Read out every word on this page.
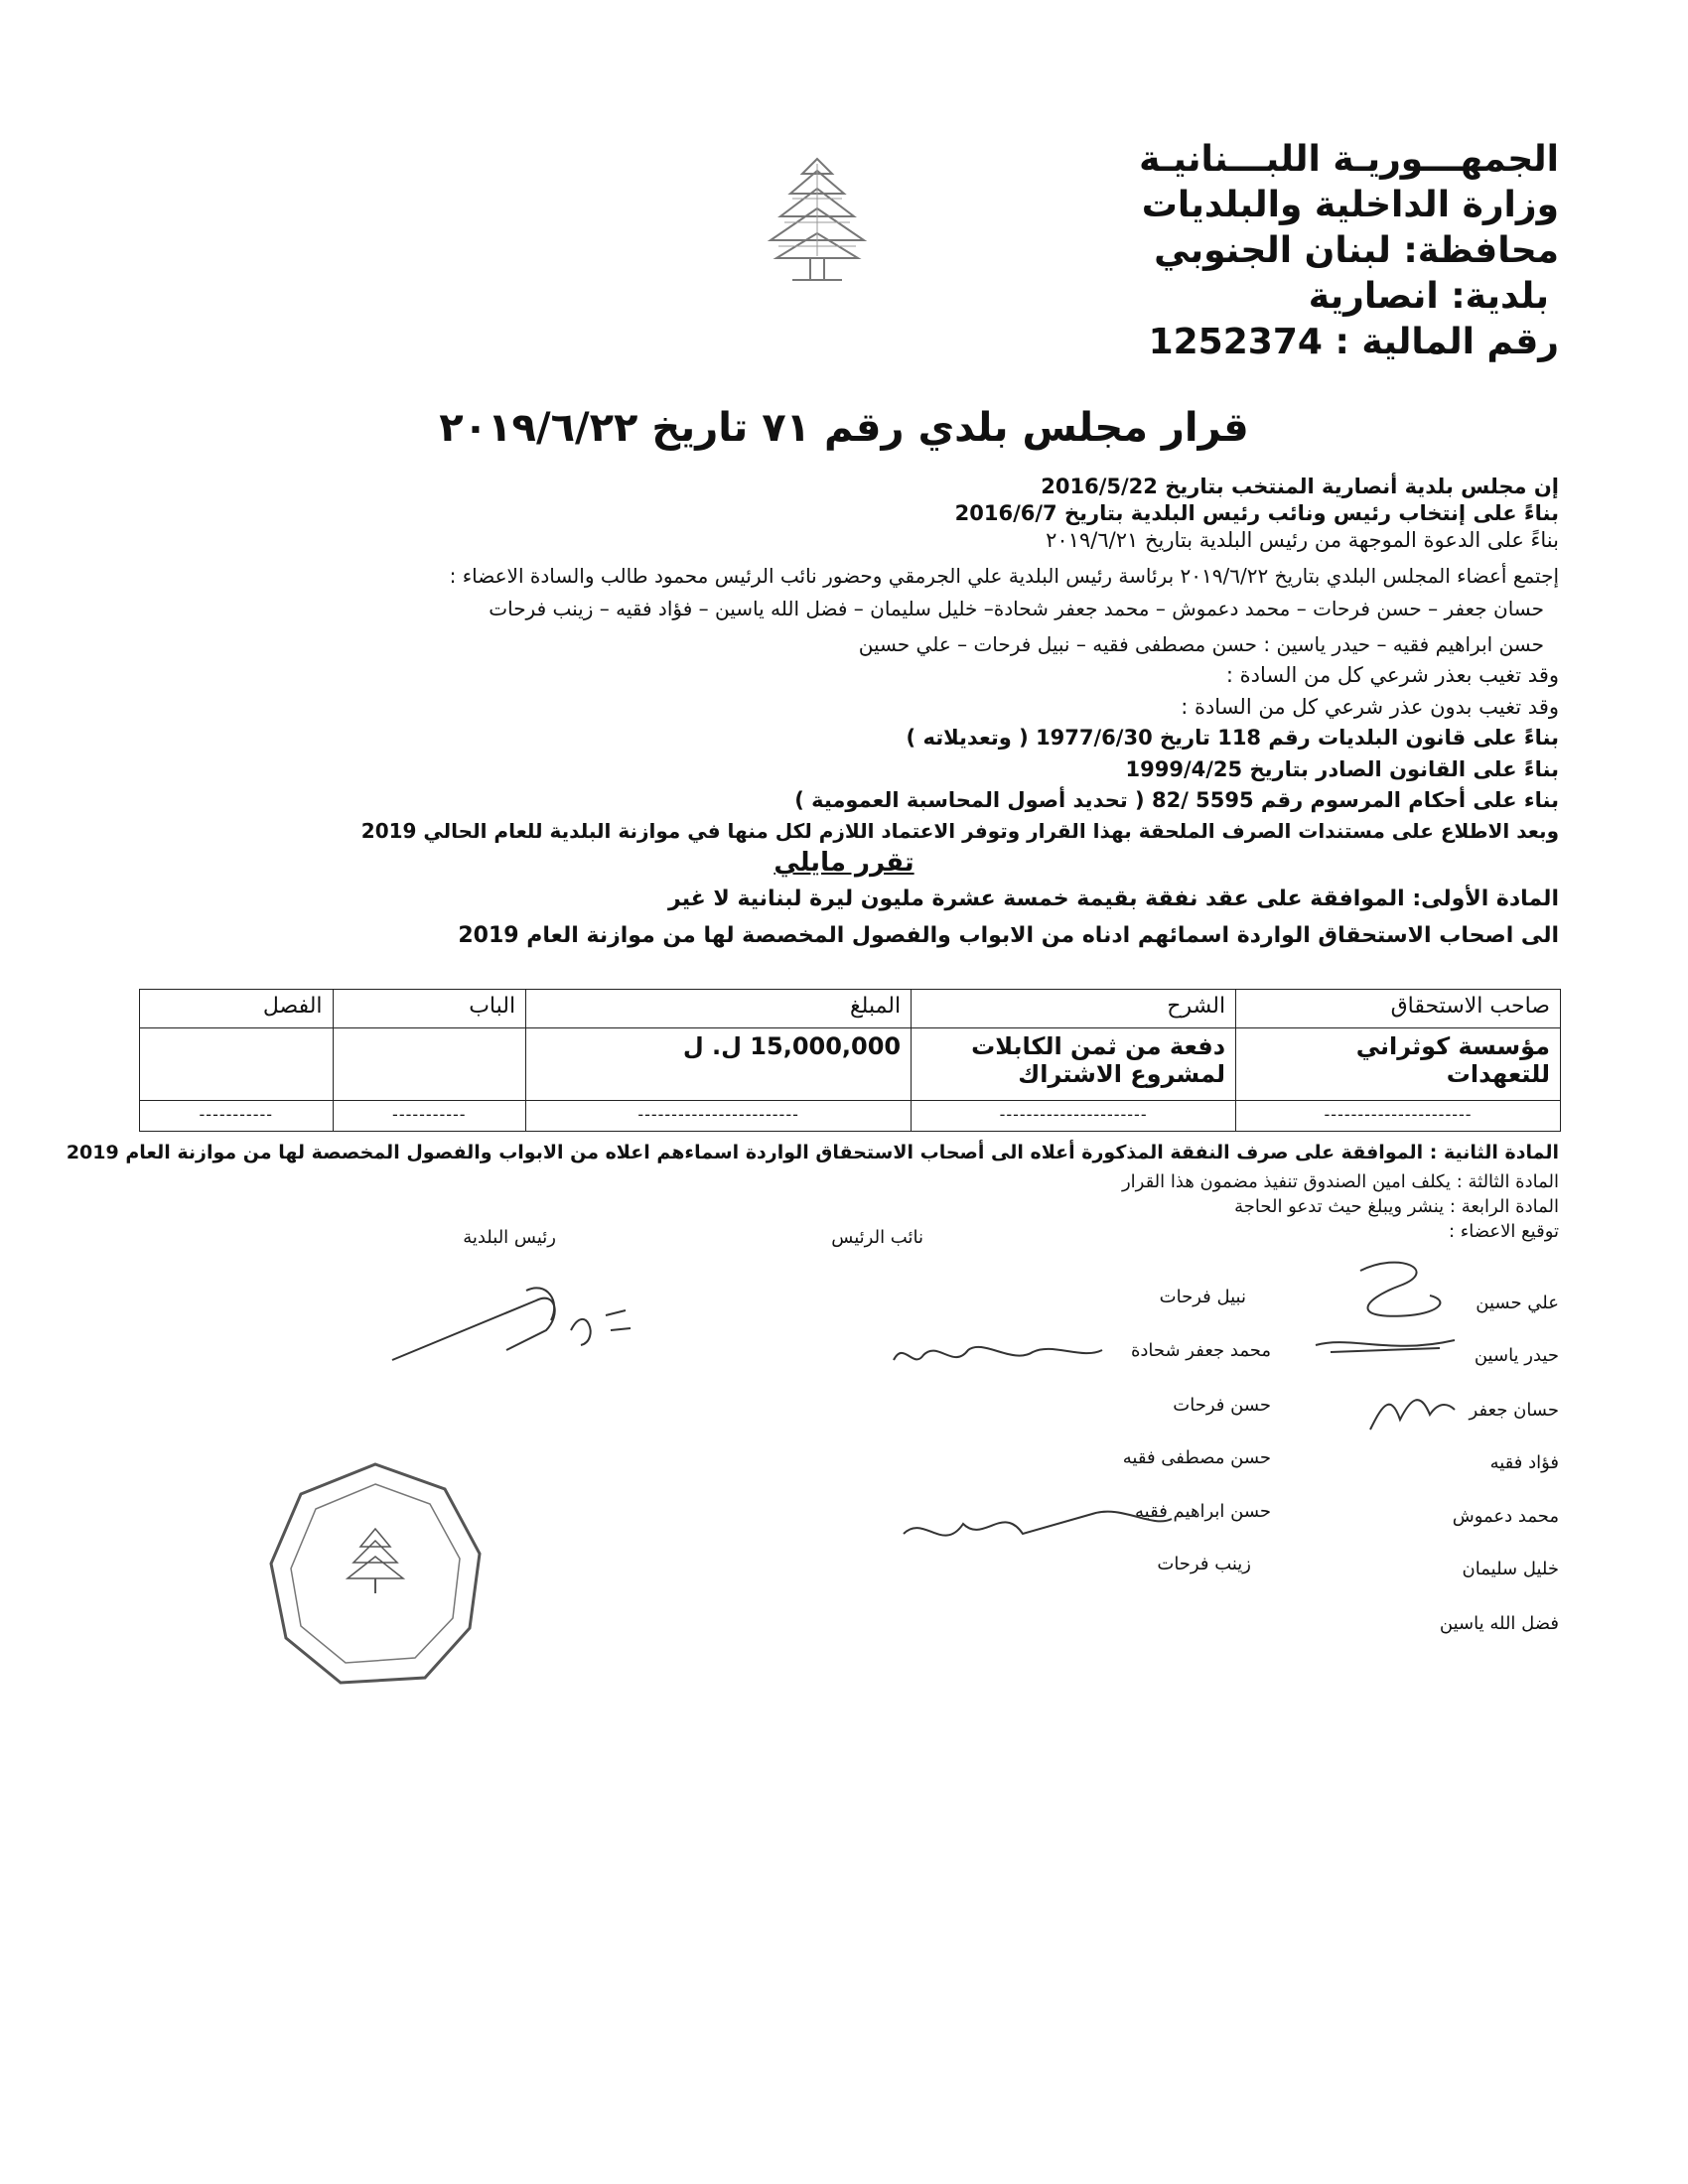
الجمهـــوريـة اللبـــنانيـة
وزارة الداخلية والبلديات
محافظة: لبنان الجنوبي
بلدية: انصارية
رقم المالية : 1252374
قرار مجلس بلدي رقم ٧١ تاريخ ٢٠١٩/٦/٢٢
إن مجلس بلدية أنصارية المنتخب بتاريخ 2016/5/22
بناءً على إنتخاب رئيس ونائب رئيس البلدية بتاريخ 2016/6/7
بناءً على الدعوة الموجهة من رئيس البلدية بتاريخ ٢٠١٩/٦/٢١
إجتمع أعضاء المجلس البلدي بتاريخ ٢٠١٩/٦/٢٢ برئاسة رئيس البلدية علي الجرمقي وحضور نائب الرئيس محمود طالب والسادة الاعضاء :
حسان جعفر – حسن فرحات – محمد دعموش – محمد جعفر شحادة– خليل سليمان – فضل الله ياسين – فؤاد فقيه – زينب فرحات
حسن ابراهيم فقيه – حيدر ياسين : حسن مصطفى فقيه – نبيل فرحات – علي حسين
وقد تغيب بعذر شرعي كل من السادة :
وقد تغيب بدون عذر شرعي كل من السادة :
بناءً على قانون البلديات رقم 118 تاريخ 1977/6/30 ( وتعديلاته )
بناءً على القانون الصادر بتاريخ 1999/4/25
بناء على أحكام المرسوم رقم 5595 /82 ( تحديد أصول المحاسبة العمومية )
وبعد الاطلاع على مستندات الصرف الملحقة بهذا القرار وتوفر الاعتماد اللازم لكل منها في موازنة البلدية للعام الحالي 2019
تقرر مايلي
المادة الأولى: الموافقة على عقد نفقة بقيمة خمسة عشرة مليون ليرة لبنانية لا غير
الى اصحاب الاستحقاق الواردة اسمائهم ادناه من الابواب والفصول المخصصة لها من موازنة العام 2019
صاحب الاستحقاق	الشرح	المبلغ	الباب	الفصل
مؤسسة كوثراني للتعهدات	دفعة من ثمن الكابلات لمشروع الاشتراك	15,000,000 ل. ل		
----------------------	----------------------	------------------------	-----------	-----------
المادة الثانية : الموافقة على صرف النفقة المذكورة أعلاه الى أصحاب الاستحقاق الواردة اسماءهم اعلاه من الابواب والفصول المخصصة لها من موازنة العام 2019
المادة الثالثة : يكلف امين الصندوق تنفيذ مضمون هذا القرار
المادة الرابعة : ينشر ويبلغ حيث تدعو الحاجة
توقيع الاعضاء :
نائب الرئيس
رئيس البلدية
علي حسين
حيدر ياسين
حسان جعفر
فؤاد فقيه
محمد دعموش
خليل سليمان
فضل الله ياسين
نبيل فرحات
محمد جعفر شحادة
حسن فرحات
حسن مصطفى فقيه
حسن ابراهيم فقيه
زينب فرحات
